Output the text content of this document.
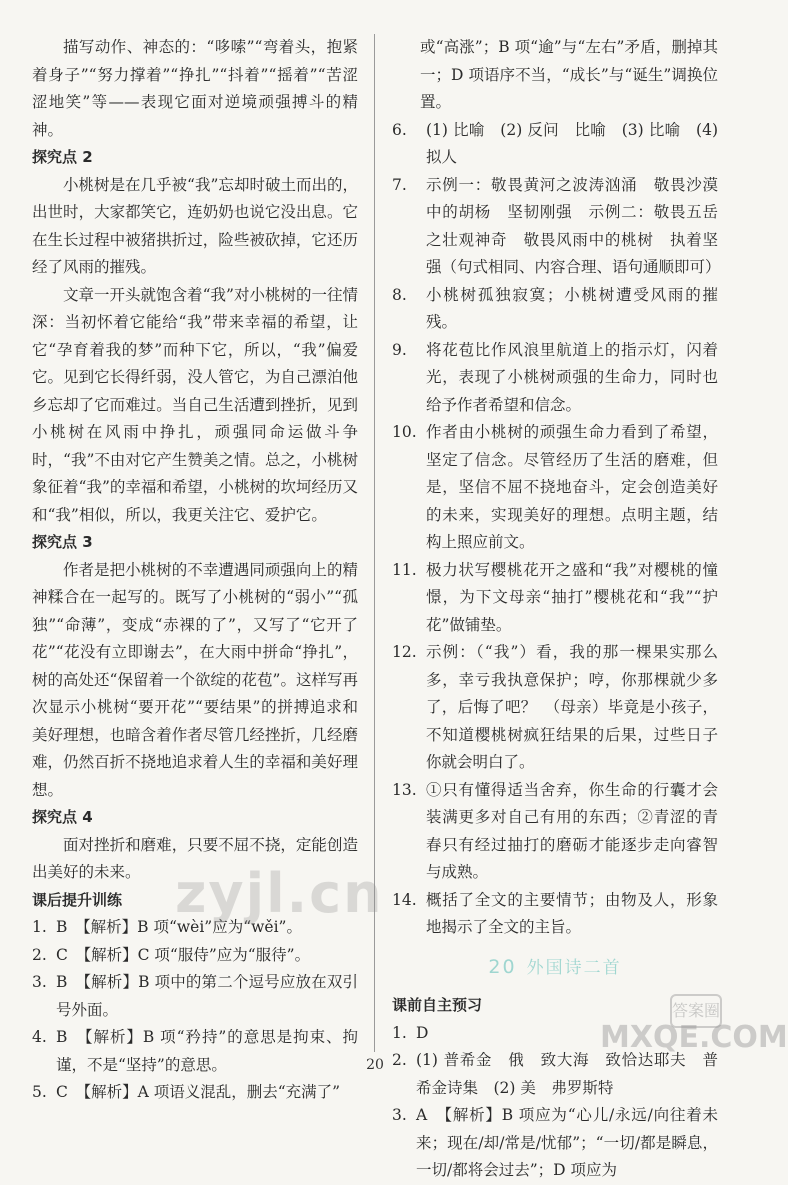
描写动作、神态的：“哆嗦”“弯着头，抱紧着身子”“努力撑着”“挣扎”“抖着”“摇着”“苦涩涩地笑”等——表现它面对逆境顽强搏斗的精神。

探究点 2

小桃树是在几乎被“我”忘却时破土而出的，出世时，大家都笑它，连奶奶也说它没出息。它在生长过程中被猪拱折过，险些被砍掉，它还历经了风雨的摧残。

文章一开头就饱含着“我”对小桃树的一往情深：当初怀着它能给“我”带来幸福的希望，让它“孕育着我的梦”而种下它，所以，“我”偏爱它。见到它长得纤弱，没人管它，为自己漂泊他乡忘却了它而难过。当自己生活遭到挫折，见到小桃树在风雨中挣扎，顽强同命运做斗争时，“我”不由对它产生赞美之情。总之，小桃树象征着“我”的幸福和希望，小桃树的坎坷经历又和“我”相似，所以，我更关注它、爱护它。

探究点 3

作者是把小桃树的不幸遭遇同顽强向上的精神糅合在一起写的。既写了小桃树的“弱小”“孤独”“命薄”，变成“赤裸的了”，又写了“它开了花”“花没有立即谢去”，在大雨中拼命“挣扎”，树的高处还“保留着一个欲绽的花苞”。这样写再次显示小桃树“要开花”“要结果”的拼搏追求和美好理想，也暗含着作者尽管几经挫折，几经磨难，仍然百折不挠地追求着人生的幸福和美好理想。

探究点 4

面对挫折和磨难，只要不屈不挠，定能创造出美好的未来。

课后提升训练

1. B　【解析】B 项“wèi”应为“wěi”。
2. C　【解析】C 项“服侍”应为“服待”。
3. B　【解析】B 项中的第二个逗号应放在双引号外面。
4. B　【解析】B 项“矜持”的意思是拘束、拘谨，不是“坚持”的意思。
5. C　【解析】A 项语义混乱，删去“充满了”

或“高涨”；B 项“逾”与“左右”矛盾，删掉其一；D 项语序不当，“成长”与“诞生”调换位置。

6.	(1) 比喻　(2) 反问　比喻　(3) 比喻　(4) 拟人
7.	示例一：敬畏黄河之波涛汹涌　敬畏沙漠中的胡杨　坚韧刚强　示例二：敬畏五岳之壮观神奇　敬畏风雨中的桃树　执着坚强（句式相同、内容合理、语句通顺即可）
8.	小桃树孤独寂寞；小桃树遭受风雨的摧残。
9.	将花苞比作风浪里航道上的指示灯，闪着光，表现了小桃树顽强的生命力，同时也给予作者希望和信念。
10. 作者由小桃树的顽强生命力看到了希望，坚定了信念。尽管经历了生活的磨难，但是，坚信不屈不挠地奋斗，定会创造美好的未来，实现美好的理想。点明主题，结构上照应前文。
11. 极力状写樱桃花开之盛和“我”对樱桃的憧憬，为下文母亲“抽打”樱桃花和“我”“护花”做铺垫。
12. 示例：（“我”）看，我的那一棵果实那么多，幸亏我执意保护；哼，你那棵就少多了，后悔了吧？　（母亲）毕竟是小孩子，不知道樱桃树疯狂结果的后果，过些日子你就会明白了。
13. ①只有懂得适当舍弃，你生命的行囊才会装满更多对自己有用的东西；②青涩的青春只有经过抽打的磨砺才能逐步走向睿智与成熟。
14. 概括了全文的主要情节；由物及人，形象地揭示了全文的主旨。
20 外国诗二首

课前自主预习

1. D
2. (1) 普希金　俄　致大海　致恰达耶夫　普希金诗集　(2) 美　弗罗斯特
3. A　【解析】B 项应为“心儿/永远/向往着未来；现在/却/常是/忧郁”；“一切/都是瞬息，一切/都将会过去”；D 项应为
zyjl.cn
答案圈
MXQE.COM
20
